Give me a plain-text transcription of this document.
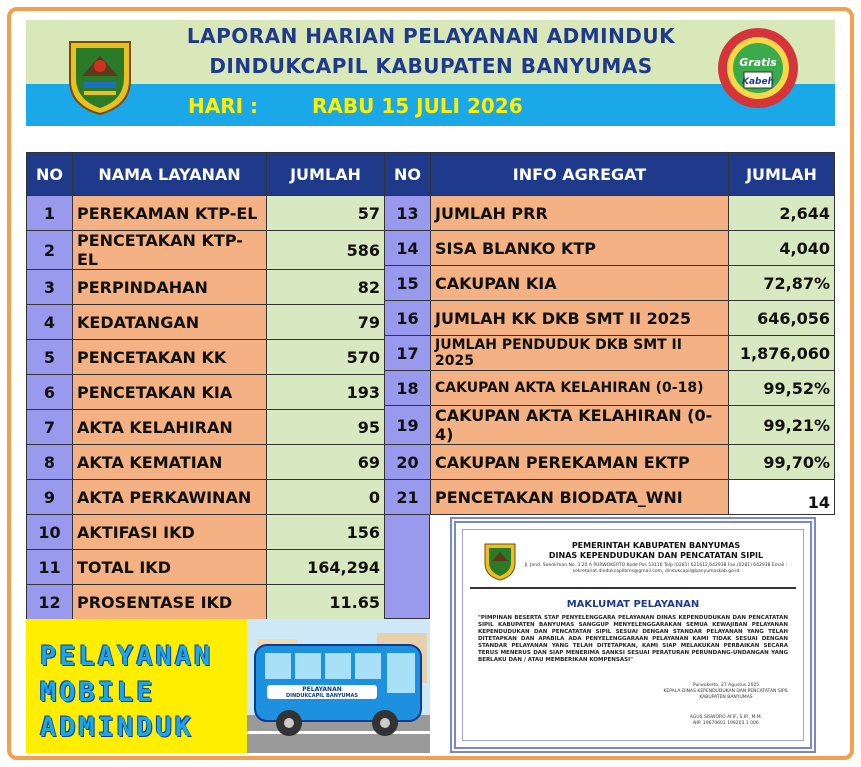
LAPORAN HARIAN PELAYANAN ADMINDUK
DINDUKCAPIL KABUPATEN BANYUMAS	Gratis
Kabeh
HARI :	RABU 15 JULI 2026
NO	NAMA LAYANAN	JUMLAH
1	PEREKAMAN KTP-EL	57
2	PENCETAKAN KTP-EL	586
3	PERPINDAHAN	82
4	KEDATANGAN	79
5	PENCETAKAN KK	570
6	PENCETAKAN KIA	193
7	AKTA KELAHIRAN	95
8	AKTA KEMATIAN	69
9	AKTA PERKAWINAN	0
10	AKTIFASI IKD	156
11	TOTAL IKD	164,294
12	PROSENTASE IKD	11.65
NO	INFO AGREGAT	JUMLAH
13	JUMLAH PRR	2,644
14	SISA BLANKO KTP	4,040
15	CAKUPAN KIA	72,87%
16	JUMLAH KK DKB SMT II 2025	646,056
17	JUMLAH PENDUDUK DKB SMT II 2025	1,876,060
18	CAKUPAN AKTA KELAHIRAN (0-18)	99,52%
19	CAKUPAN AKTA KELAHIRAN (0-4)	99,21%
20	CAKUPAN PEREKAMAN EKTP	99,70%
21	PENCETAKAN BIODATA_WNI	14
PELAYANAN
MOBILE
ADMINDUK
PELAYANAN
DINDUKCAPIL BANYUMAS
PEMERINTAH KABUPATEN BANYUMAS
DINAS KEPENDUDUKAN DAN PENCATATAN SIPIL
Jl. Jend. Soedirman No. 3 20 A PURWOKERTO Kode Pos 53116 Telp (0281) 621612,642938 Fax.(0281) 642938 Email : sekretariat.dindukcapilbms@gmail.com, dindukcapil@banyumaskab.go.id
MAKLUMAT PELAYANAN
"PIMPINAN BESERTA STAF PENYELENGGARA PELAYANAN DINAS KEPENDUDUKAN DAN PENCATATAN SIPIL KABUPATEN BANYUMAS SANGGUP MENYELENGGARAKAN SEMUA KEWAJIBAN PELAYANAN KEPENDUDUKAN DAN PENCATATAN SIPIL SESUAI DENGAN STANDAR PELAYANAN YANG TELAH DITETAPKAN DAN APABILA ADA PENYELENGGARAAN PELAYANAN KAMI TIDAK SESUAI DENGAN STANDAR PELAYANAN YANG TELAH DITETAPKAN, KAMI SIAP MELAKUKAN PERBAIKAN SECARA TERUS MENERUS DAN SIAP MENERIMA SANKSI SESUAI PERATURAN PERUNDANG-UNDANGAN YANG BERLAKU DAN / ATAU MEMBERIKAN KOMPENSASI"
Purwokerto, 27 Agustus 2025
KEPALA DINAS KEPENDUDUKAN DAN PENCATATAN SIPIL KABUPATEN BANYUMAS
AGUS SISWORO AFIF, S.IP., M.M.
NIP. 19670601 199203 1 006
